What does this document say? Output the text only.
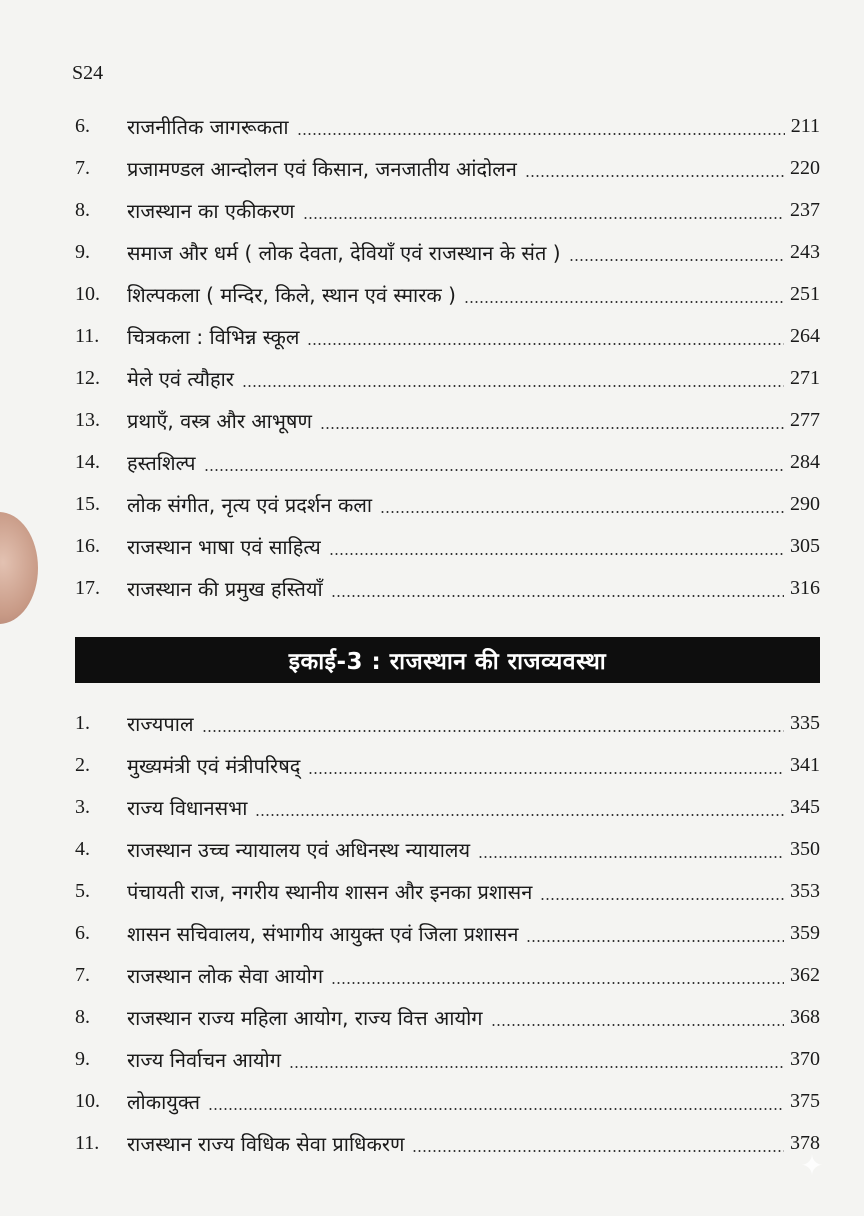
S24
6.	राजनीतिक जागरूकता	211
7.	प्रजामण्डल आन्दोलन एवं किसान, जनजातीय आंदोलन	220
8.	राजस्थान का एकीकरण	237
9.	समाज और धर्म ( लोक देवता, देवियाँ एवं राजस्थान के संत )	243
10.	शिल्पकला ( मन्दिर, किले, स्थान एवं स्मारक )	251
11.	चित्रकला : विभिन्न स्कूल	264
12.	मेले एवं त्यौहार	271
13.	प्रथाएँ, वस्त्र और आभूषण	277
14.	हस्तशिल्प	284
15.	लोक संगीत, नृत्य एवं प्रदर्शन कला	290
16.	राजस्थान भाषा एवं साहित्य	305
17.	राजस्थान की प्रमुख हस्तियाँ	316
इकाई-3 : राजस्थान की राजव्यवस्था
1.	राज्यपाल	335
2.	मुख्यमंत्री एवं मंत्रीपरिषद्	341
3.	राज्य विधानसभा	345
4.	राजस्थान उच्च न्यायालय एवं अधिनस्थ न्यायालय	350
5.	पंचायती राज, नगरीय स्थानीय शासन और इनका प्रशासन	353
6.	शासन सचिवालय, संभागीय आयुक्त एवं जिला प्रशासन	359
7.	राजस्थान लोक सेवा आयोग	362
8.	राजस्थान राज्य महिला आयोग, राज्य वित्त आयोग	368
9.	राज्य निर्वाचन आयोग	370
10.	लोकायुक्त	375
11.	राजस्थान राज्य विधिक सेवा प्राधिकरण	378
✦
